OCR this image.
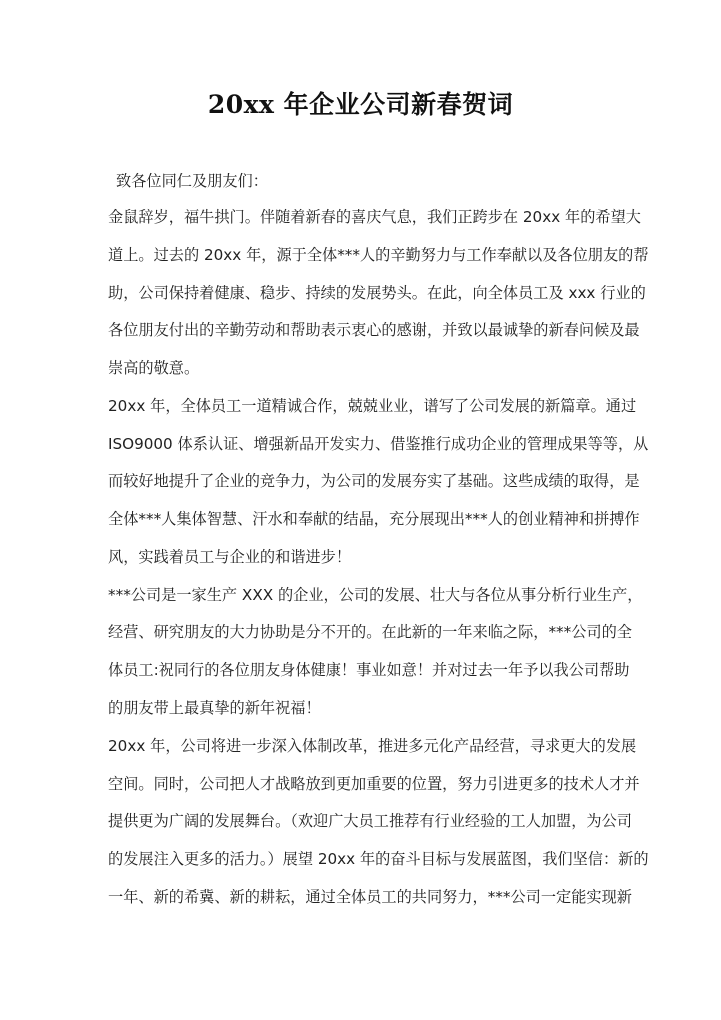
20xx 年企业公司新春贺词
致各位同仁及朋友们：
金鼠辞岁，福牛拱门。伴随着新春的喜庆气息，我们正跨步在 20xx 年的希望大
道上。过去的 20xx 年，源于全体***人的辛勤努力与工作奉献以及各位朋友的帮
助，公司保持着健康、稳步、持续的发展势头。在此，向全体员工及 xxx 行业的
各位朋友付出的辛勤劳动和帮助表示衷心的感谢，并致以最诚挚的新春问候及最
崇高的敬意。
20xx 年，全体员工一道精诚合作，兢兢业业，谱写了公司发展的新篇章。通过
ISO9000 体系认证、增强新品开发实力、借鉴推行成功企业的管理成果等等，从
而较好地提升了企业的竞争力，为公司的发展夯实了基础。这些成绩的取得，是
全体***人集体智慧、汗水和奉献的结晶，充分展现出***人的创业精神和拼搏作
风，实践着员工与企业的和谐进步！
***公司是一家生产 XXX 的企业，公司的发展、壮大与各位从事分析行业生产，
经营、研究朋友的大力协助是分不开的。在此新的一年来临之际，***公司的全
体员工:祝同行的各位朋友身体健康！事业如意！并对过去一年予以我公司帮助
的朋友带上最真挚的新年祝福！
20xx 年，公司将进一步深入体制改革，推进多元化产品经营，寻求更大的发展
空间。同时，公司把人才战略放到更加重要的位置，努力引进更多的技术人才并
提供更为广阔的发展舞台。（欢迎广大员工推荐有行业经验的工人加盟，为公司
的发展注入更多的活力。）展望 20xx 年的奋斗目标与发展蓝图，我们坚信：新的
一年、新的希冀、新的耕耘，通过全体员工的共同努力，***公司一定能实现新
